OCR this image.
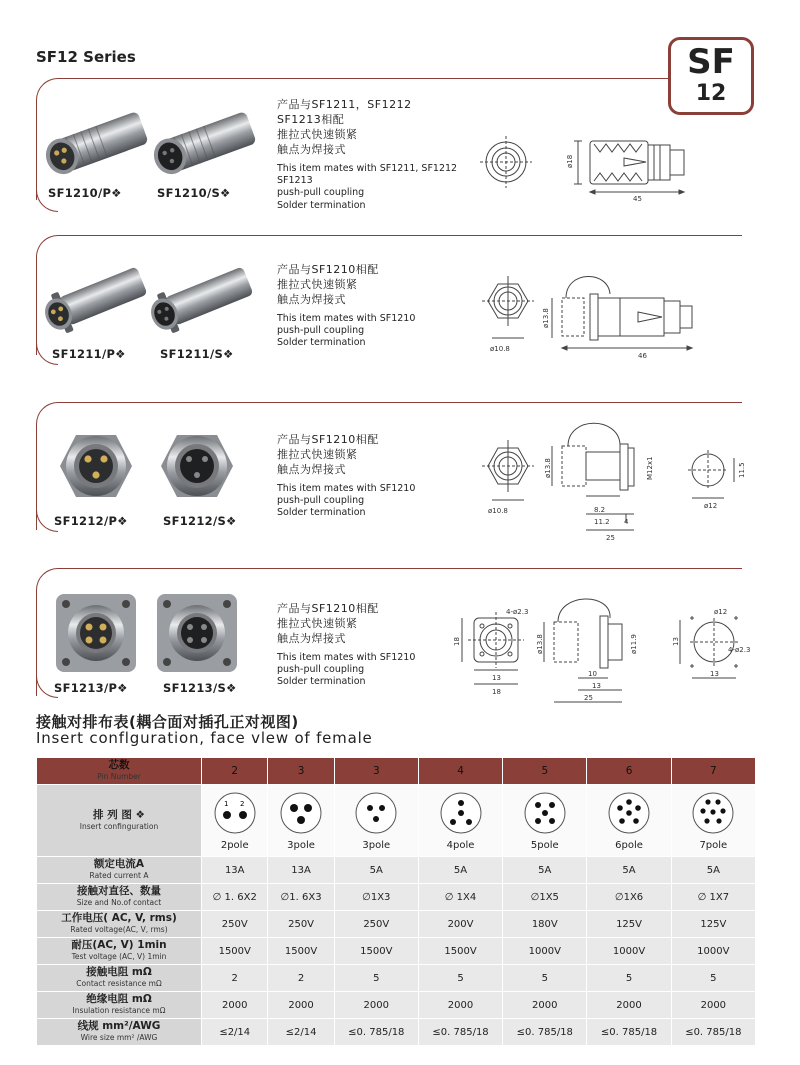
SF12 Series	SF
12
SF1210/P❖	SF1210/S❖
产品与SF1211，SF1212
SF1213相配
推拉式快速锁紧
触点为焊接式
This item mates with SF1211, SF1212
SF1213
push-pull coupling
Solder termination
ø18
45
SF1211/P❖	SF1211/S❖
产品与SF1210相配
推拉式快速锁紧
触点为焊接式
This item mates with SF1210
push-pull coupling
Solder termination
ø10.8
ø13.8
46
SF1212/P❖	SF1212/S❖
产品与SF1210相配
推拉式快速锁紧
触点为焊接式
This item mates with SF1210
push-pull coupling
Solder termination	ø10.8
ø13.8	M12x1
8.2
11.2 4
25
11.5
ø12
SF1213/P❖	SF1213/S❖
产品与SF1210相配
推拉式快速锁紧
触点为焊接式
This item mates with SF1210
push-pull coupling
Solder termination
4-ø2.3
18
13
18
ø13.8	ø11.9
10
13
25
ø12
4-ø2.3
13
13
接触对排布表(耦合面对插孔正对视图)
Insert conflguration, face vlew of female
芯数
Pin Number	2	3	3	4	5	6	7

排 列 图 ❖
Insert confinguration	1 2
2pole	3pole	3pole	4pole	5pole	6pole	7pole

额定电流A
Rated current A	13A	13A	5A	5A	5A	5A	5A

接触对直径、数量
Size and No.of contact	∅ 1. 6X2	∅1. 6X3	∅1X3	∅ 1X4	∅1X5	∅1X6	∅ 1X7

工作电压( AC, V, rms)
Rated voltage(AC, V, rms)	250V	250V	250V	200V	180V	125V	125V

耐压(AC, V) 1min
Test voltage (AC, V) 1min	1500V	1500V	1500V	1500V	1000V	1000V	1000V

接触电阻 mΩ
Contact resistance mΩ	2	2	5	5	5	5	5

绝缘电阻 mΩ
Insulation resistance mΩ	2000	2000	2000	2000	2000	2000	2000

线规 mm²/AWG
Wire size mm² /AWG	≤2/14	≤2/14	≤0. 785/18	≤0. 785/18	≤0. 785/18	≤0. 785/18	≤0. 785/18
